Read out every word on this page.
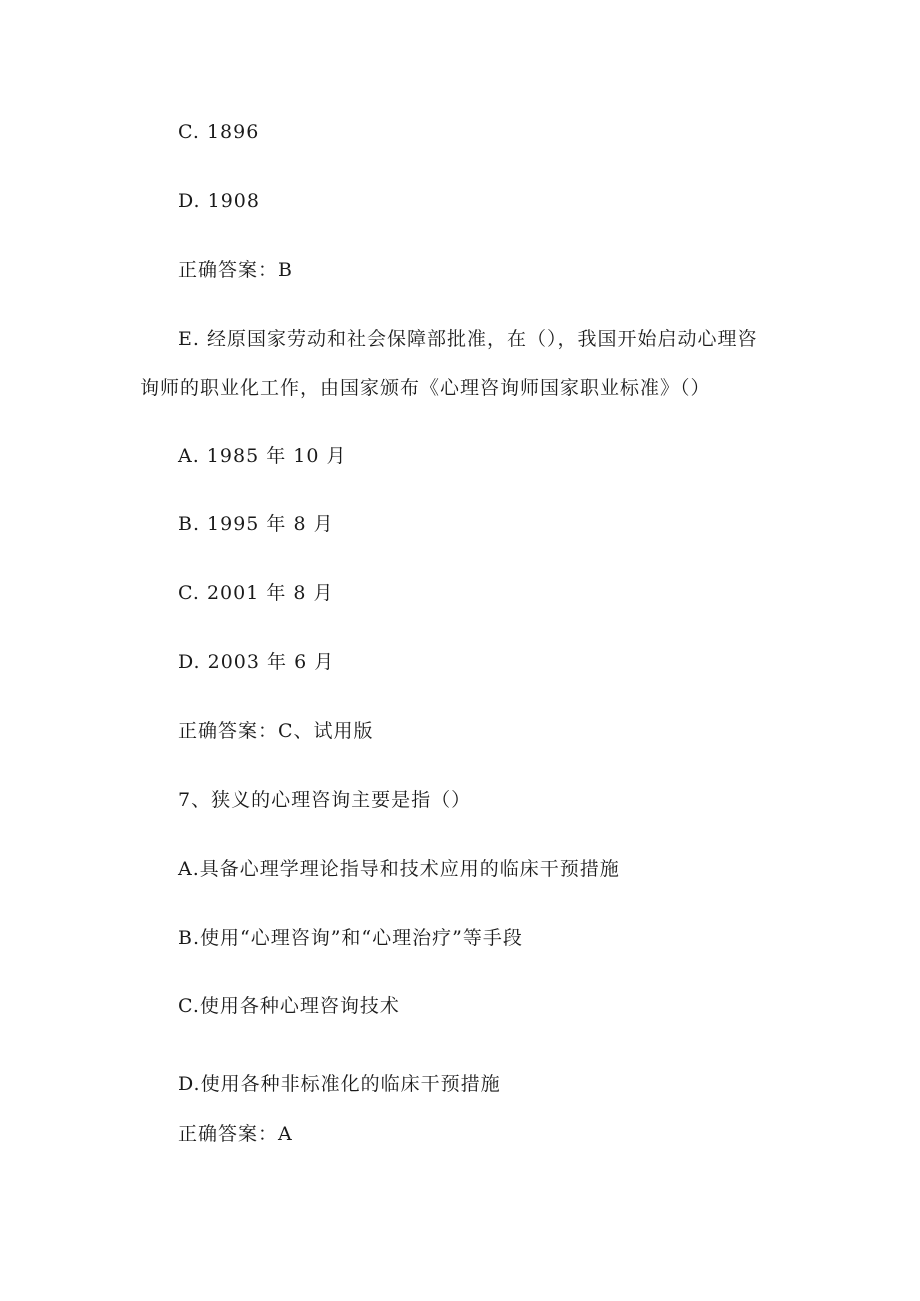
C. 1896
D. 1908
正确答案：B
E. 经原国家劳动和社会保障部批准，在（），我国开始启动心理咨
询师的职业化工作，由国家颁布《心理咨询师国家职业标准》（）
A. 1985 年 10 月
B. 1995 年 8 月
C. 2001 年 8 月
D. 2003 年 6 月
正确答案：C、试用版
7、狭义的心理咨询主要是指（）
A.具备心理学理论指导和技术应用的临床干预措施
B.使用“心理咨询”和“心理治疗”等手段
C.使用各种心理咨询技术
D.使用各种非标准化的临床干预措施
正确答案：A
